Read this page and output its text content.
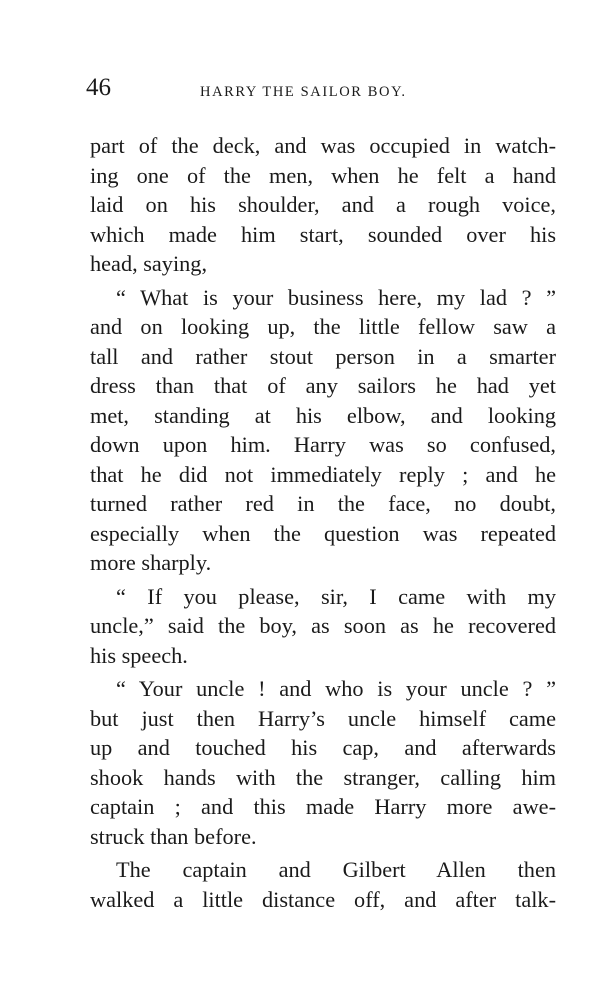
46	HARRY THE SAILOR BOY.
part of the deck, and was occupied in watch-
ing one of the men, when he felt a hand
laid on his shoulder, and a rough voice,
which made him start, sounded over his
head, saying,
“ What is your business here, my lad ? ”
and on looking up, the little fellow saw a
tall and rather stout person in a smarter
dress than that of any sailors he had yet
met, standing at his elbow, and looking
down upon him. Harry was so confused,
that he did not immediately reply ; and he
turned rather red in the face, no doubt,
especially when the question was repeated
more sharply.
“ If you please, sir, I came with my
uncle,” said the boy, as soon as he recovered
his speech.
“ Your uncle ! and who is your uncle ? ”
but just then Harry’s uncle himself came
up and touched his cap, and afterwards
shook hands with the stranger, calling him
captain ; and this made Harry more awe-
struck than before.
The captain and Gilbert Allen then
walked a little distance off, and after talk-
